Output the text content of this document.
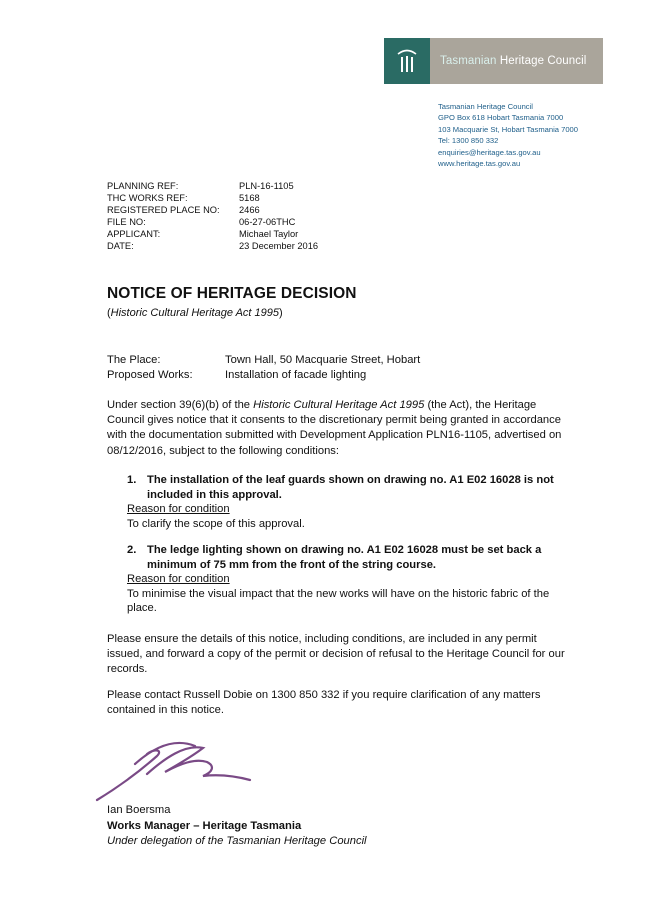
Tasmanian
Heritage Council
Tasmanian Heritage Council
GPO Box 618 Hobart Tasmania 7000
103 Macquarie St, Hobart Tasmania 7000
Tel: 1300 850 332
enquiries@heritage.tas.gov.au
www.heritage.tas.gov.au
PLANNING REF:	PLN-16-1105
THC WORKS REF:	5168
REGISTERED PLACE NO:	2466
FILE NO:	06-27-06THC
APPLICANT:	Michael Taylor
DATE:	23 December 2016
NOTICE OF HERITAGE DECISION
(Historic Cultural Heritage Act 1995)
The Place:	Town Hall, 50 Macquarie Street, Hobart
Proposed Works:	Installation of facade lighting
Under section 39(6)(b) of the Historic Cultural Heritage Act 1995 (the Act), the Heritage Council gives notice that it consents to the discretionary permit being granted in accordance with the documentation submitted with Development Application PLN16-1105, advertised on 08/12/2016, subject to the following conditions:
1. The installation of the leaf guards shown on drawing no. A1 E02 16028 is not included in this approval.
Reason for condition
To clarify the scope of this approval.
2. The ledge lighting shown on drawing no. A1 E02 16028 must be set back a minimum of 75 mm from the front of the string course.
Reason for condition
To minimise the visual impact that the new works will have on the historic fabric of the place.
Please ensure the details of this notice, including conditions, are included in any permit issued, and forward a copy of the permit or decision of refusal to the Heritage Council for our records.
Please contact Russell Dobie on 1300 850 332 if you require clarification of any matters contained in this notice.
Ian Boersma
Works Manager – Heritage Tasmania
Under delegation of the Tasmanian Heritage Council
